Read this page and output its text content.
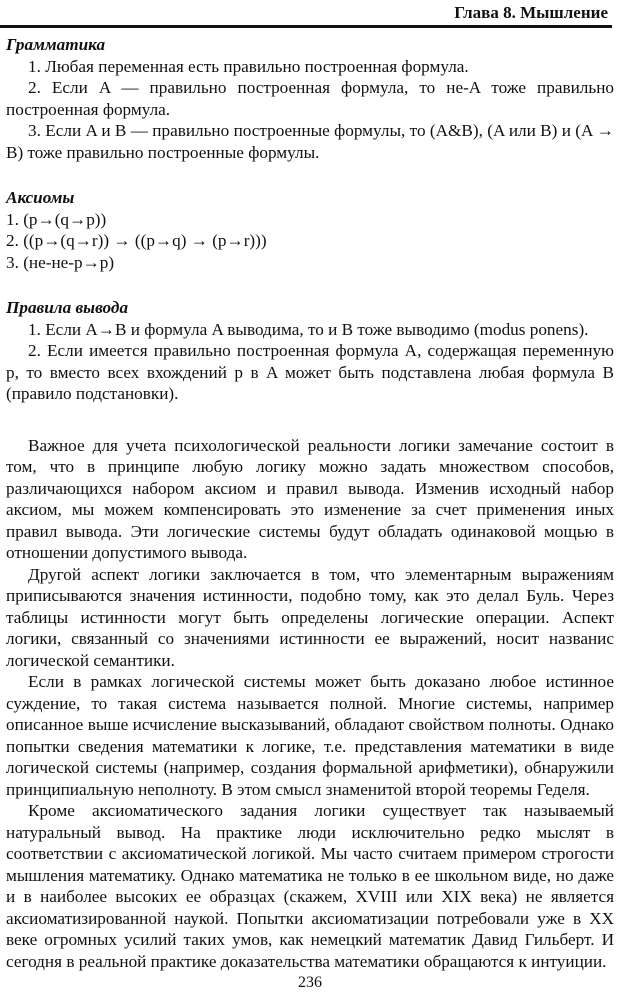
Глава 8. Мышление

Грамматика

1. Любая переменная есть правильно построенная формула.

2. Если A — правильно построенная формула, то не-A тоже правильно построенная формула.

3. Если A и B — правильно построенные формулы, то (A&B), (A или B) и (A → B) тоже правильно построенные формулы.

Аксиомы

1. (p→(q→p))

2. ((p→(q→r)) → ((p→q) → (p→r)))

3. (не-не-p→p)

Правила вывода

1. Если A→B и формула A выводима, то и B тоже выводимо (modus ponens).

2. Если имеется правильно построенная формула A, содержащая переменную p, то вместо всех вхождений p в A может быть подставлена любая формула B (правило подстановки).

Важное для учета психологической реальности логики замечание состоит в том, что в принципе любую логику можно задать множеством способов, различающихся набором аксиом и правил вывода. Изменив исходный набор аксиом, мы можем компенсировать это изменение за счет применения иных правил вывода. Эти логические системы будут обладать одинаковой мощью в отношении допустимого вывода.

Другой аспект логики заключается в том, что элементарным выражениям приписываются значения истинности, подобно тому, как это делал Буль. Через таблицы истинности могут быть определены логические операции. Аспект логики, связанный со значениями истинности ее выражений, носит названис логической семантики.

Если в рамках логической системы может быть доказано любое истинное суждение, то такая система называется полной. Многие системы, например описанное выше исчисление высказываний, обладают свойством полноты. Однако попытки сведения математики к логике, т.е. представления математики в виде логической системы (например, создания формальной арифметики), обнаружили принципиальную неполноту. В этом смысл знаменитой второй теоремы Геделя.

Кроме аксиоматического задания логики существует так называемый натуральный вывод. На практике люди исключительно редко мыслят в соответствии с аксиоматической логикой. Мы часто считаем примером строгости мышления математику. Однако математика не только в ее школьном виде, но даже и в наиболее высоких ее образцах (скажем, XVIII или XIX века) не является аксиоматизированной наукой. Попытки аксиоматизации потребовали уже в XX веке огромных усилий таких умов, как немецкий математик Давид Гильберт. И сегодня в реальной практике доказательства математики обращаются к интуиции.

236
